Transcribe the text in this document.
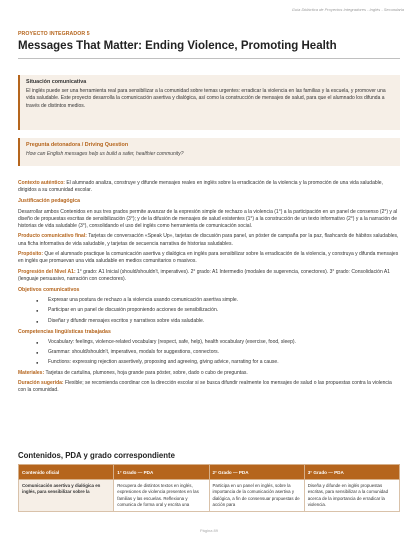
Guía Didáctica de Proyectos Integradores - Inglés - Secundaria
PROYECTO INTEGRADOR 5
Messages That Matter: Ending Violence, Promoting Health
Situación comunicativa
El inglés puede ser una herramienta real para sensibilizar a la comunidad sobre temas urgentes: erradicar la violencia en las familias y la escuela, y promover una vida saludable. Este proyecto desarrolla la comunicación asertiva y dialógica, así como la construcción de mensajes de salud, para que el alumnado los difunda a través de distintos medios.
Pregunta detonadora / Driving Question
How can English messages help us build a safer, healthier community?

Contexto auténtico: El alumnado analiza, construye y difunde mensajes reales en inglés sobre la erradicación de la violencia y la promoción de una vida saludable, dirigidos a su comunidad escolar.

Justificación pedagógica

Desarrollar ambos Contenidos en sus tres grados permite avanzar de la expresión simple de rechazo a la violencia (1°) a la participación en un panel de consenso (2°) y al diseño de propuestas escritas de sensibilización (3°); y de la difusión de mensajes de salud existentes (1°) a la construcción de un texto informativo (2°) y a la narración de historias de vida saludable (3°), consolidando el uso del inglés como herramienta de comunicación social.

Producto comunicativo final: Tarjetas de conversación «Speak Up», tarjetas de discusión para panel, un póster de campaña por la paz, flashcards de hábitos saludables, una ficha informativa de vida saludable, y tarjetas de secuencia narrativa de historias saludables.

Propósito: Que el alumnado practique la comunicación asertiva y dialógica en inglés para sensibilizar sobre la erradicación de la violencia, y construya y difunda mensajes en inglés que promuevan una vida saludable en medios comunitarios o masivos.

Progresión del Nivel A1: 1° grado: A1 Inicial (should/shouldn't, imperatives). 2° grado: A1 Intermedio (modales de sugerencia, conectores). 3° grado: Consolidación A1 (lenguaje persuasivo, narración con conectores).

Objetivos comunicativos
● Expresar una postura de rechazo a la violencia usando comunicación asertiva simple.
● Participar en un panel de discusión proponiendo acciones de sensibilización.
● Diseñar y difundir mensajes escritos y narrativos sobre vida saludable.
Competencias lingüísticas trabajadas
● Vocabulary: feelings, violence-related vocabulary (respect, safe, help), health vocabulary (exercise, food, sleep).
● Grammar: should/shouldn't, imperatives, modals for suggestions, connectors.
● Functions: expressing rejection assertively, proposing and agreeing, giving advice, narrating for a cause.

Materiales: Tarjetas de cartulina, plumones, hoja grande para póster, sobre, dado o cubo de preguntas.

Duración sugerida: Flexible; se recomienda coordinar con la dirección escolar si se busca difundir realmente los mensajes de salud o las propuestas contra la violencia con la comunidad.

Contenidos, PDA y grado correspondiente
Contenido oficial	1° Grado — PDA	2° Grado — PDA	3° Grado — PDA
Comunicación asertiva y dialógica en inglés, para sensibilizar sobre la	Recupera de distintos textos en inglés, expresiones de violencia presentes en las familias y las escuelas. Reflexiona y comunica de forma oral y escrita una	Participa en un panel en inglés, sobre la importancia de la comunicación asertiva y dialógica, a fin de consensuar propuestas de acción para	Diseña y difunde en inglés propuestas escritas, para sensibilizar a la comunidad acerca de la importancia de erradicar la violencia.
Página 89
